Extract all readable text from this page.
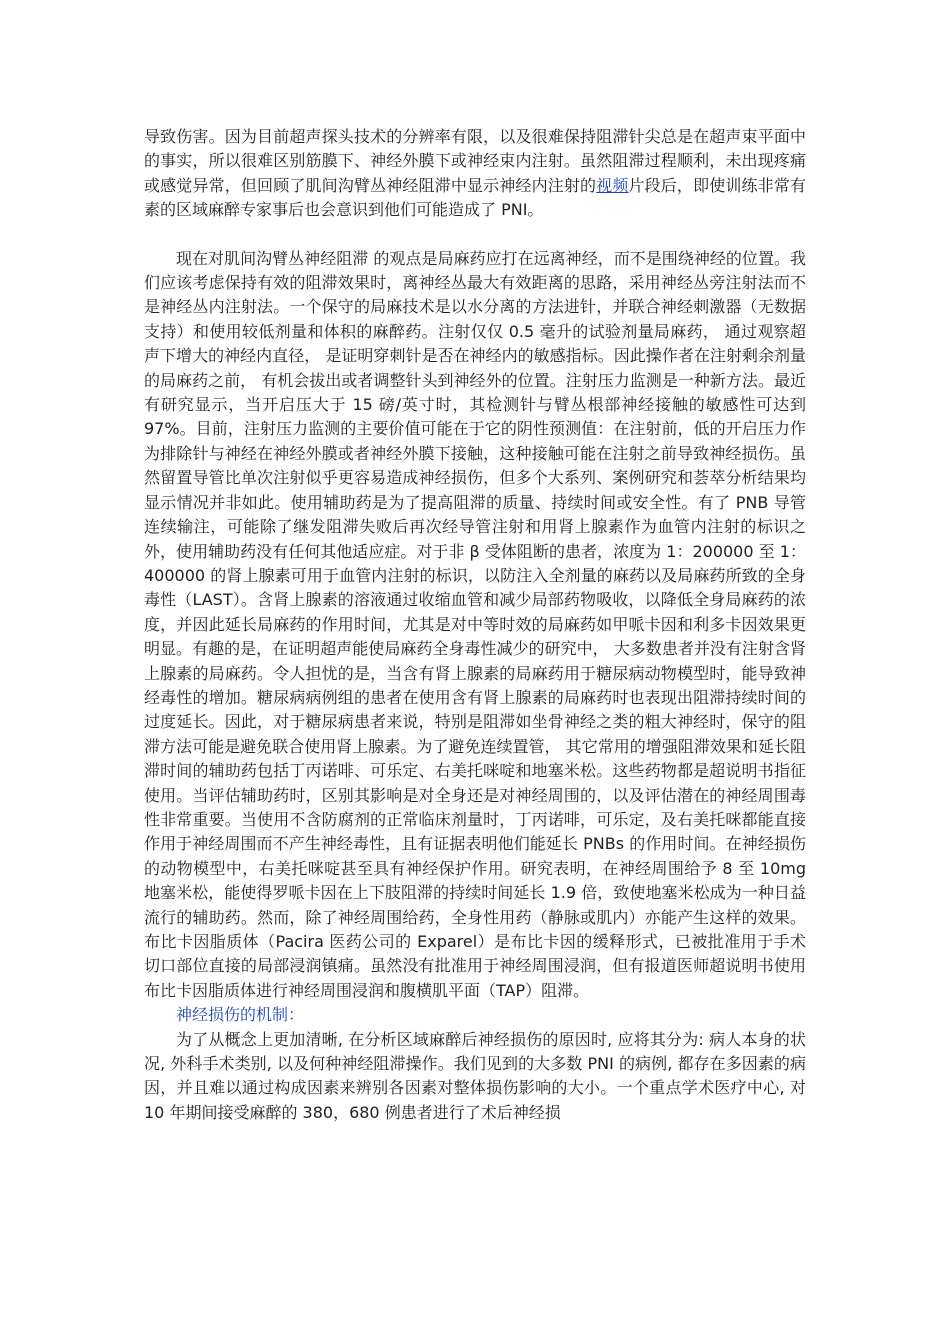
导致伤害。因为目前超声探头技术的分辨率有限，以及很难保持阻滞针尖总是在超声束平面中的事实，所以很难区别筋膜下、神经外膜下或神经束内注射。虽然阻滞过程顺利，未出现疼痛或感觉异常，但回顾了肌间沟臂丛神经阻滞中显示神经内注射的视频片段后，即使训练非常有素的区域麻醉专家事后也会意识到他们可能造成了 PNI。

现在对肌间沟臂丛神经阻滞 的观点是局麻药应打在远离神经，而不是围绕神经的位置。我们应该考虑保持有效的阻滞效果时，离神经丛最大有效距离的思路，采用神经丛旁注射法而不是神经丛内注射法。一个保守的局麻技术是以水分离的方法进针，并联合神经刺激器（无数据支持）和使用较低剂量和体积的麻醉药。注射仅仅 0.5 毫升的试验剂量局麻药， 通过观察超声下增大的神经内直径， 是证明穿刺针是否在神经内的敏感指标。因此操作者在注射剩余剂量的局麻药之前， 有机会拔出或者调整针头到神经外的位置。注射压力监测是一种新方法。最近有研究显示，当开启压大于 15 磅/英寸时，其检测针与臂丛根部神经接触的敏感性可达到 97%。目前，注射压力监测的主要价值可能在于它的阴性预测值：在注射前，低的开启压力作为排除针与神经在神经外膜或者神经外膜下接触，这种接触可能在注射之前导致神经损伤。虽然留置导管比单次注射似乎更容易造成神经损伤，但多个大系列、案例研究和荟萃分析结果均显示情况并非如此。使用辅助药是为了提高阻滞的质量、持续时间或安全性。有了 PNB 导管连续输注，可能除了继发阻滞失败后再次经导管注射和用肾上腺素作为血管内注射的标识之外，使用辅助药没有任何其他适应症。对于非 β 受体阻断的患者，浓度为 1：200000 至 1：400000 的肾上腺素可用于血管内注射的标识，以防注入全剂量的麻药以及局麻药所致的全身毒性（LAST）。含肾上腺素的溶液通过收缩血管和减少局部药物吸收，以降低全身局麻药的浓度，并因此延长局麻药的作用时间，尤其是对中等时效的局麻药如甲哌卡因和利多卡因效果更明显。有趣的是，在证明超声能使局麻药全身毒性减少的研究中， 大多数患者并没有注射含肾上腺素的局麻药。令人担忧的是，当含有肾上腺素的局麻药用于糖尿病动物模型时，能导致神经毒性的增加。糖尿病病例组的患者在使用含有肾上腺素的局麻药时也表现出阻滞持续时间的过度延长。因此，对于糖尿病患者来说，特别是阻滞如坐骨神经之类的粗大神经时，保守的阻滞方法可能是避免联合使用肾上腺素。为了避免连续置管， 其它常用的增强阻滞效果和延长阻滞时间的辅助药包括丁丙诺啡、可乐定、右美托咪啶和地塞米松。这些药物都是超说明书指征使用。当评估辅助药时，区别其影响是对全身还是对神经周围的，以及评估潜在的神经周围毒性非常重要。当使用不含防腐剂的正常临床剂量时，丁丙诺啡，可乐定，及右美托咪都能直接作用于神经周围而不产生神经毒性，且有证据表明他们能延长 PNBs 的作用时间。在神经损伤的动物模型中，右美托咪啶甚至具有神经保护作用。研究表明，在神经周围给予 8 至 10mg 地塞米松，能使得罗哌卡因在上下肢阻滞的持续时间延长 1.9 倍，致使地塞米松成为一种日益流行的辅助药。然而，除了神经周围给药，全身性用药（静脉或肌内）亦能产生这样的效果。布比卡因脂质体（Pacira 医药公司的 Exparel）是布比卡因的缓释形式，已被批准用于手术切口部位直接的局部浸润镇痛。虽然没有批准用于神经周围浸润，但有报道医师超说明书使用布比卡因脂质体进行神经周围浸润和腹横肌平面（TAP）阻滞。

神经损伤的机制：

为了从概念上更加清晰, 在分析区域麻醉后神经损伤的原因时, 应将其分为: 病人本身的状况, 外科手术类别, 以及何种神经阻滞操作。我们见到的大多数 PNI 的病例, 都存在多因素的病因，并且难以通过构成因素来辨别各因素对整体损伤影响的大小。一个重点学术医疗中心, 对 10 年期间接受麻醉的 380，680 例患者进行了术后神经损
